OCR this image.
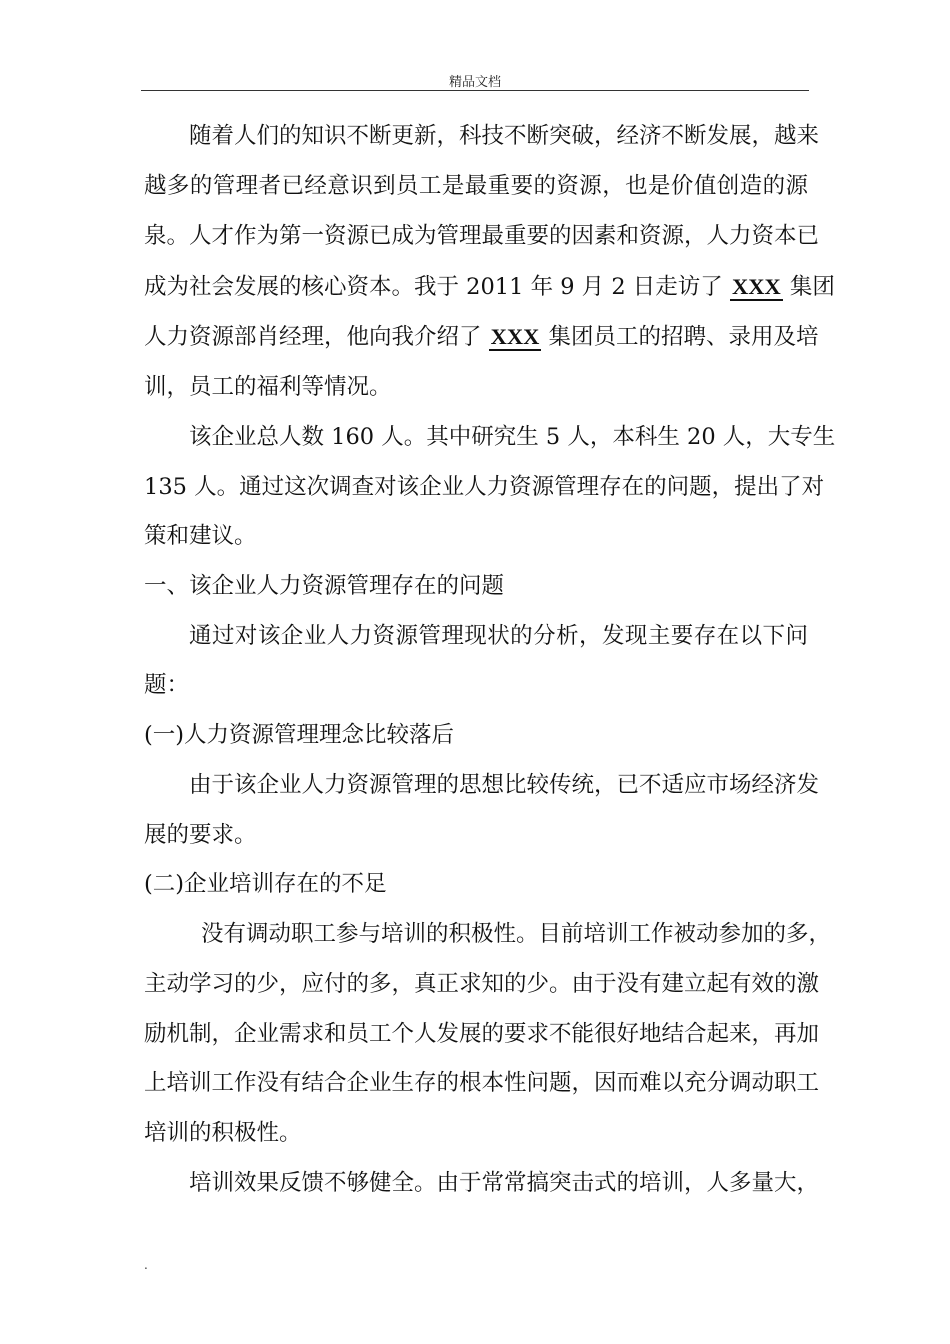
精品文档
随着人们的知识不断更新，科技不断突破，经济不断发展，越来
越多的管理者已经意识到员工是最重要的资源，也是价值创造的源
泉。人才作为第一资源已成为管理最重要的因素和资源，人力资本已
成为社会发展的核心资本。我于 2011 年 9 月 2 日走访了 XXX 集团
人力资源部肖经理，他向我介绍了 XXX 集团员工的招聘、录用及培
训，员工的福利等情况。
该企业总人数 160 人。其中研究生 5 人，本科生 20 人，大专生
135 人。通过这次调查对该企业人力资源管理存在的问题，提出了对
策和建议。
一、该企业人力资源管理存在的问题
通过对该企业人力资源管理现状的分析，发现主要存在以下问
题：
(一)人力资源管理理念比较落后
由于该企业人力资源管理的思想比较传统，已不适应市场经济发
展的要求。
(二)企业培训存在的不足
没有调动职工参与培训的积极性。目前培训工作被动参加的多，
主动学习的少，应付的多，真正求知的少。由于没有建立起有效的激
励机制，企业需求和员工个人发展的要求不能很好地结合起来，再加
上培训工作没有结合企业生存的根本性问题，因而难以充分调动职工
培训的积极性。
培训效果反馈不够健全。由于常常搞突击式的培训，人多量大，
.
